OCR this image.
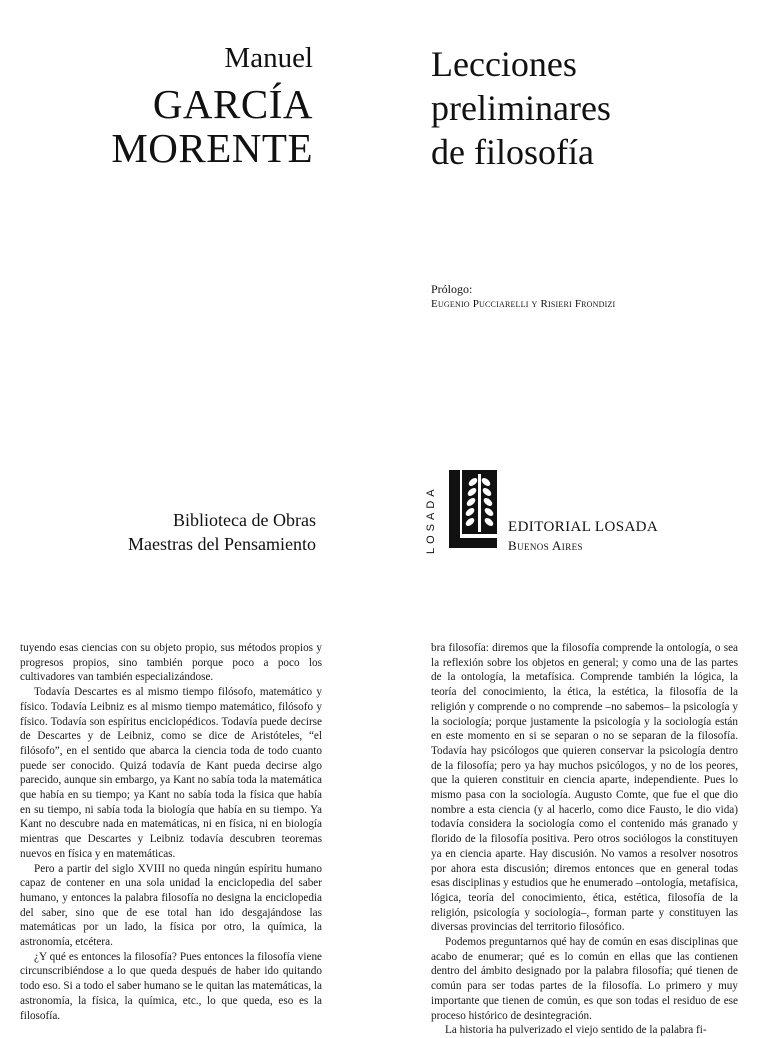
Manuel
GARCÍA
MORENTE
Lecciones
preliminares
de filosofía
Prólogo:
Eugenio Pucciarelli y Risieri Frondizi
Biblioteca de Obras
Maestras del Pensamiento	LOSADA	EDITORIAL LOSADA
Buenos Aires

tuyendo esas ciencias con su objeto propio, sus métodos propios y progresos propios, sino también porque poco a poco los cultivadores van también especializándose.

Todavía Descartes es al mismo tiempo filósofo, matemático y físico. Todavía Leibniz es al mismo tiempo matemático, filósofo y físico. Todavía son espíritus enciclopédicos. Todavía puede decirse de Descartes y de Leibniz, como se dice de Aristóteles, “el filósofo”, en el sentido que abarca la ciencia toda de todo cuanto puede ser conocido. Quizá todavía de Kant pueda decirse algo parecido, aunque sin embargo, ya Kant no sabía toda la matemática que había en su tiempo; ya Kant no sabía toda la física que había en su tiempo, ni sabía toda la biología que había en su tiempo. Ya Kant no descubre nada en matemáticas, ni en física, ni en biología mientras que Descartes y Leibniz todavía descubren teoremas nuevos en física y en matemáticas.

Pero a partir del siglo XVIII no queda ningún espíritu humano capaz de contener en una sola unidad la enciclopedia del saber humano, y entonces la palabra filosofía no designa la enciclopedia del saber, sino que de ese total han ido desgajándose las matemáticas por un lado, la física por otro, la química, la astronomía, etcétera.

¿Y qué es entonces la filosofía? Pues entonces la filosofía viene circunscribiéndose a lo que queda después de haber ido quitando todo eso. Si a todo el saber humano se le quitan las matemáticas, la astronomía, la física, la química, etc., lo que queda, eso es la filosofía.

bra filosofía: diremos que la filosofía comprende la ontología, o sea la reflexión sobre los objetos en general; y como una de las partes de la ontología, la metafísica. Comprende también la lógica, la teoría del conocimiento, la ética, la estética, la filosofía de la religión y comprende o no comprende –no sabemos– la psicología y la sociología; porque justamente la psicología y la sociología están en este momento en si se separan o no se separan de la filosofía. Todavía hay psicólogos que quieren conservar la psicología dentro de la filosofía; pero ya hay muchos psicólogos, y no de los peores, que la quieren constituir en ciencia aparte, independiente. Pues lo mismo pasa con la sociología. Augusto Comte, que fue el que dio nombre a esta ciencia (y al hacerlo, como dice Fausto, le dio vida) todavía considera la sociología como el contenido más granado y florido de la filosofía positiva. Pero otros sociólogos la constituyen ya en ciencia aparte. Hay discusión. No vamos a resolver nosotros por ahora esta discusión; diremos entonces que en general todas esas disciplinas y estudios que he enumerado –ontología, metafísica, lógica, teoría del conocimiento, ética, estética, filosofía de la religión, psicología y sociología–, forman parte y constituyen las diversas provincias del territorio filosófico.

Podemos preguntarnos qué hay de común en esas disciplinas que acabo de enumerar; qué es lo común en ellas que las contienen dentro del ámbito designado por la palabra filosofía; qué tienen de común para ser todas partes de la filosofía. Lo primero y muy importante que tienen de común, es que son todas el residuo de ese proceso histórico de desintegración.

La historia ha pulverizado el viejo sentido de la palabra fi-
